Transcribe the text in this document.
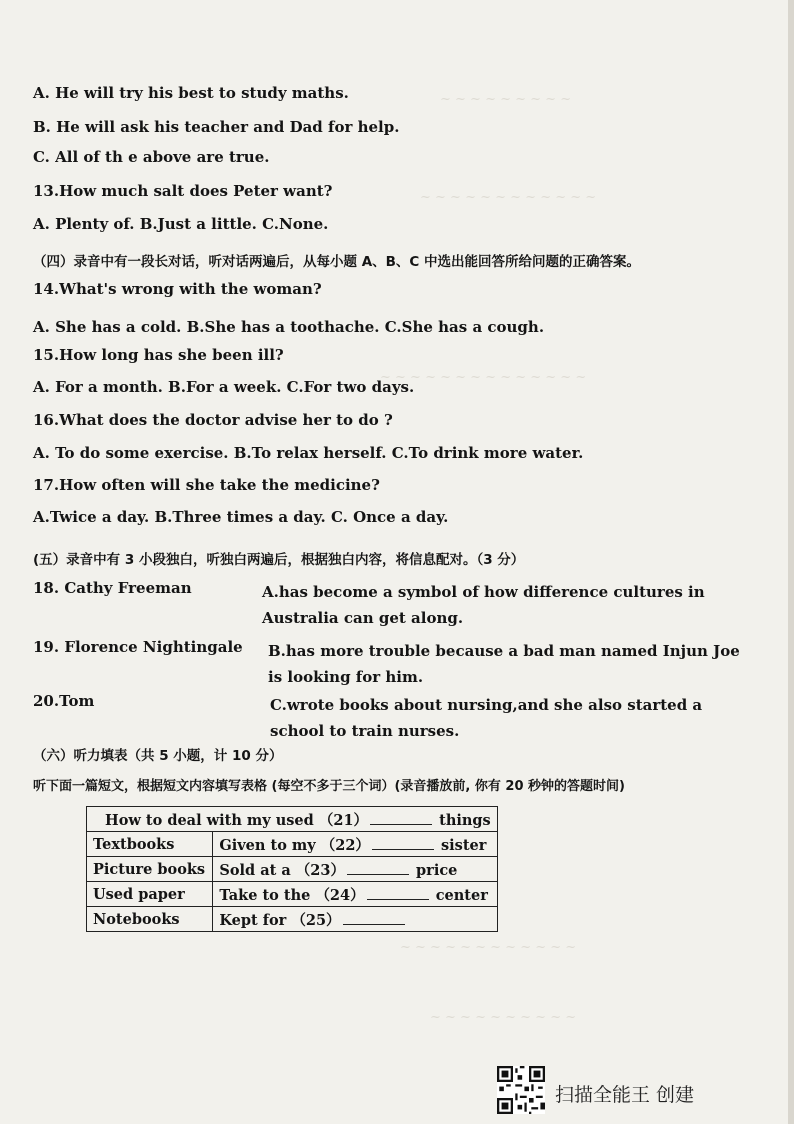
~ ~ ~ ~ ~ ~ ~ ~ ~
~ ~ ~ ~ ~ ~ ~ ~ ~ ~ ~ ~
~ ~ ~ ~ ~ ~ ~ ~ ~ ~ ~ ~ ~ ~
~ ~ ~ ~ ~ ~ ~ ~ ~ ~ ~ ~
~ ~ ~ ~ ~ ~ ~ ~ ~ ~
A. He will try his best to study maths.
B. He will ask his teacher and Dad for help.
C. All of th e above are true.
13.How much salt does Peter want?
A. Plenty of. B.Just a little. C.None.
（四）录音中有一段长对话，听对话两遍后，从每小题 A、B、C 中选出能回答所给问题的正确答案。
14.What's wrong with the woman?
A. She has a cold. B.She has a toothache. C.She has a cough.
15.How long has she been ill?
A. For a month. B.For a week. C.For two days.
16.What does the doctor advise her to do ?
A. To do some exercise. B.To relax herself. C.To drink more water.
17.How often will she take the medicine?
A.Twice a day. B.Three times a day. C. Once a day.
(五）录音中有 3 小段独白，听独白两遍后，根据独白内容，将信息配对。（3 分）
18. Cathy Freeman	A.has become a symbol of how difference cultures in Australia can get along.
19. Florence Nightingale B.has more trouble because a bad man named Injun Joe is looking for him.
20.Tom	C.wrote books about nursing,and she also started a school to train nurses.
（六）听力填表（共 5 小题，计 10 分）
听下面一篇短文，根据短文内容填写表格 (每空不多于三个词）(录音播放前, 你有 20 秒钟的答题时间)
How to deal with my used （21） things	
Textbooks	Given to my （22） sister
Picture books	Sold at a （23） price
Used paper	Take to the （24） center
Notebooks	Kept for （25）
扫描全能王 创建
